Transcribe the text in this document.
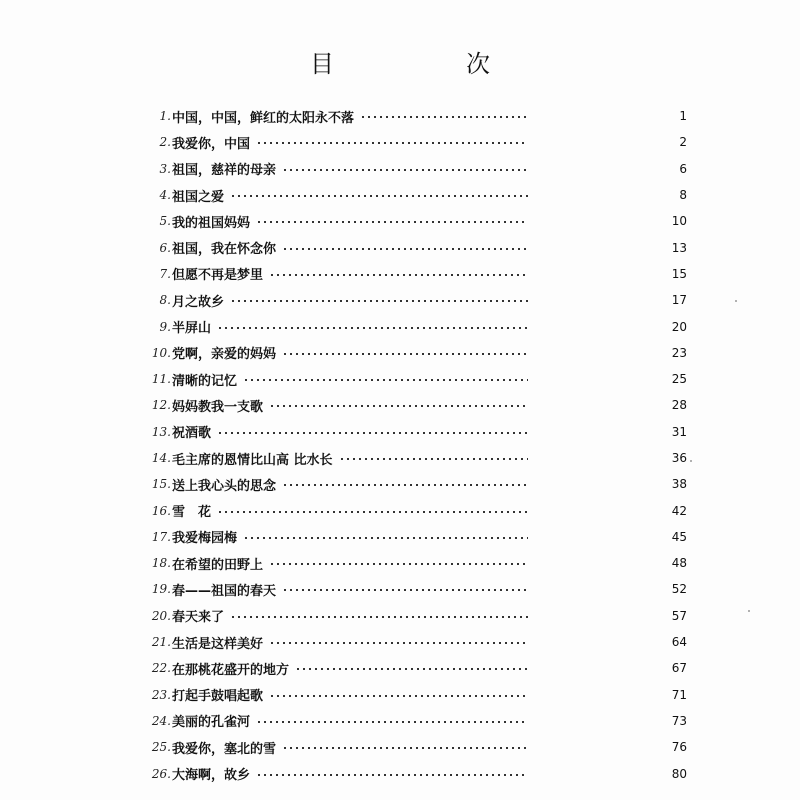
目　次
1. 中国，中国，鲜红的太阳永不落	1
2. 我爱你，中国	2
3. 祖国，慈祥的母亲	6
4. 祖国之爱	8
5. 我的祖国妈妈	10
6. 祖国，我在怀念你	13
7. 但愿不再是梦里	15
8. 月之故乡	17
9. 半屏山	20
10. 党啊，亲爱的妈妈	23
11. 清晰的记忆	25
12. 妈妈教我一支歌	28
13. 祝酒歌	31
14. 毛主席的恩情比山高 比水长	36
15. 送上我心头的思念	38
16. 雪　花	42
17. 我爱梅园梅	45
18. 在希望的田野上	48
19. 春——祖国的春天	52
20. 春天来了	57
21. 生活是这样美好	64
22. 在那桃花盛开的地方	67
23. 打起手鼓唱起歌	71
24. 美丽的孔雀河	73
25. 我爱你，塞北的雪	76
26. 大海啊，故乡	80
